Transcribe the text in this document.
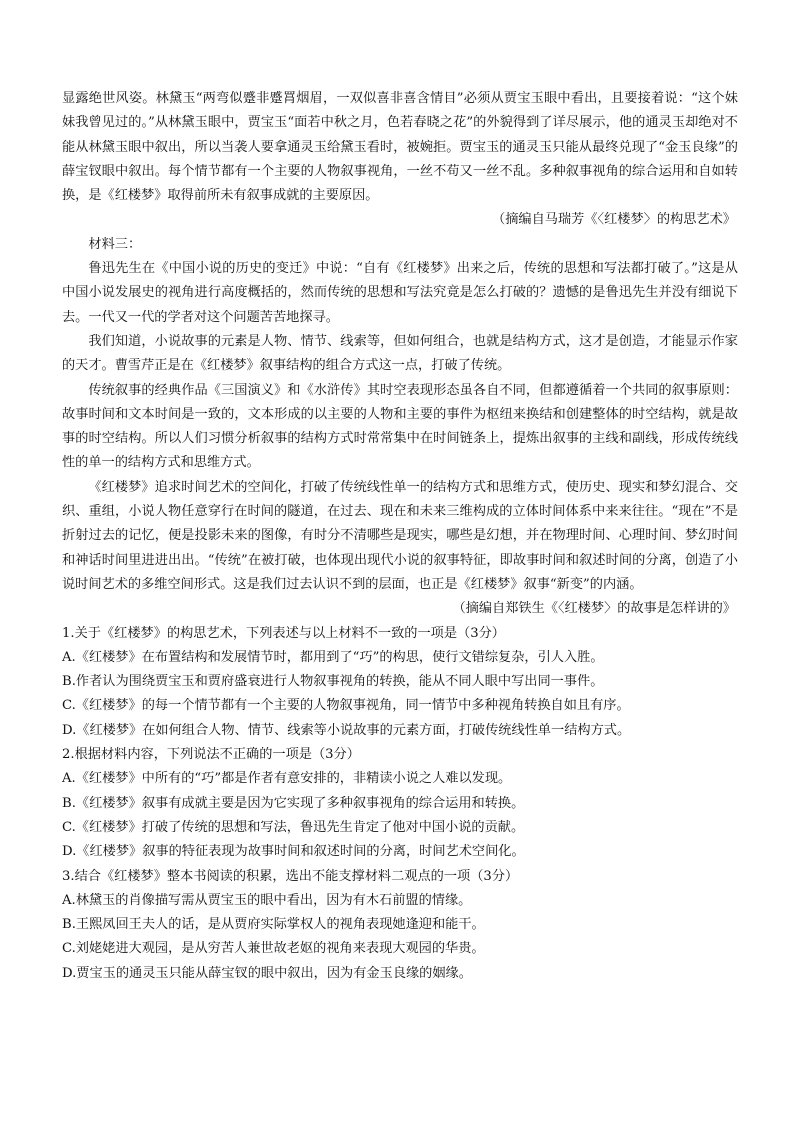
显露绝世风姿。林黛玉“两弯似蹙非蹙罥烟眉，一双似喜非喜含情目”必须从贾宝玉眼中看出，且要接着说：“这个妹妹我曾见过的。”从林黛玉眼中，贾宝玉“面若中秋之月，色若春晓之花”的外貌得到了详尽展示，他的通灵玉却绝对不能从林黛玉眼中叙出，所以当袭人要拿通灵玉给黛玉看时，被婉拒。贾宝玉的通灵玉只能从最终兑现了“金玉良缘”的薛宝钗眼中叙出。每个情节都有一个主要的人物叙事视角，一丝不苟又一丝不乱。多种叙事视角的综合运用和自如转换，是《红楼梦》取得前所未有叙事成就的主要原因。

（摘编自马瑞芳《〈红楼梦〉的构思艺术》

材料三：

鲁迅先生在《中国小说的历史的变迁》中说：“自有《红楼梦》出来之后，传统的思想和写法都打破了。”这是从中国小说发展史的视角进行高度概括的，然而传统的思想和写法究竟是怎么打破的？遗憾的是鲁迅先生并没有细说下去。一代又一代的学者对这个问题苦苦地探寻。

我们知道，小说故事的元素是人物、情节、线索等，但如何组合，也就是结构方式，这才是创造，才能显示作家的天才。曹雪芹正是在《红楼梦》叙事结构的组合方式这一点，打破了传统。

传统叙事的经典作品《三国演义》和《水浒传》其时空表现形态虽各自不同，但都遵循着一个共同的叙事原则：故事时间和文本时间是一致的，文本形成的以主要的人物和主要的事件为枢纽来换结和创建整体的时空结构，就是故事的时空结构。所以人们习惯分析叙事的结构方式时常常集中在时间链条上，提炼出叙事的主线和副线，形成传统线性的单一的结构方式和思维方式。

《红楼梦》追求时间艺术的空间化，打破了传统线性单一的结构方式和思维方式，使历史、现实和梦幻混合、交织、重组，小说人物任意穿行在时间的隧道，在过去、现在和未来三维构成的立体时间体系中来来往往。“现在”不是折射过去的记忆，便是投影未来的图像，有时分不清哪些是现实，哪些是幻想，并在物理时间、心理时间、梦幻时间和神话时间里进进出出。“传统”在被打破，也体现出现代小说的叙事特征，即故事时间和叙述时间的分离，创造了小说时间艺术的多维空间形式。这是我们过去认识不到的层面，也正是《红楼梦》叙事“新变”的内涵。

（摘编自郑铁生《〈红楼梦〉的故事是怎样讲的》

1.关于《红楼梦》的构思艺术，下列表述与以上材料不一致的一项是（3分）

A.《红楼梦》在布置结构和发展情节时，都用到了“巧”的构思，使行文错综复杂，引人入胜。

B.作者认为围绕贾宝玉和贾府盛衰进行人物叙事视角的转换，能从不同人眼中写出同一事件。

C.《红楼梦》的每一个情节都有一个主要的人物叙事视角，同一情节中多种视角转换自如且有序。

D.《红楼梦》在如何组合人物、情节、线索等小说故事的元素方面，打破传统线性单一结构方式。

2.根据材料内容，下列说法不正确的一项是（3分）

A.《红楼梦》中所有的“巧”都是作者有意安排的，非精读小说之人难以发现。

B.《红楼梦》叙事有成就主要是因为它实现了多种叙事视角的综合运用和转换。

C.《红楼梦》打破了传统的思想和写法，鲁迅先生肯定了他对中国小说的贡献。

D.《红楼梦》叙事的特征表现为故事时间和叙述时间的分离，时间艺术空间化。

3.结合《红楼梦》整本书阅读的积累，选出不能支撑材料二观点的一项（3分）

A.林黛玉的肖像描写需从贾宝玉的眼中看出，因为有木石前盟的情缘。

B.王熙凤回王夫人的话，是从贾府实际掌权人的视角表现她逢迎和能干。

C.刘姥姥进大观园，是从穷苦人兼世故老妪的视角来表现大观园的华贵。

D.贾宝玉的通灵玉只能从薛宝钗的眼中叙出，因为有金玉良缘的姻缘。
